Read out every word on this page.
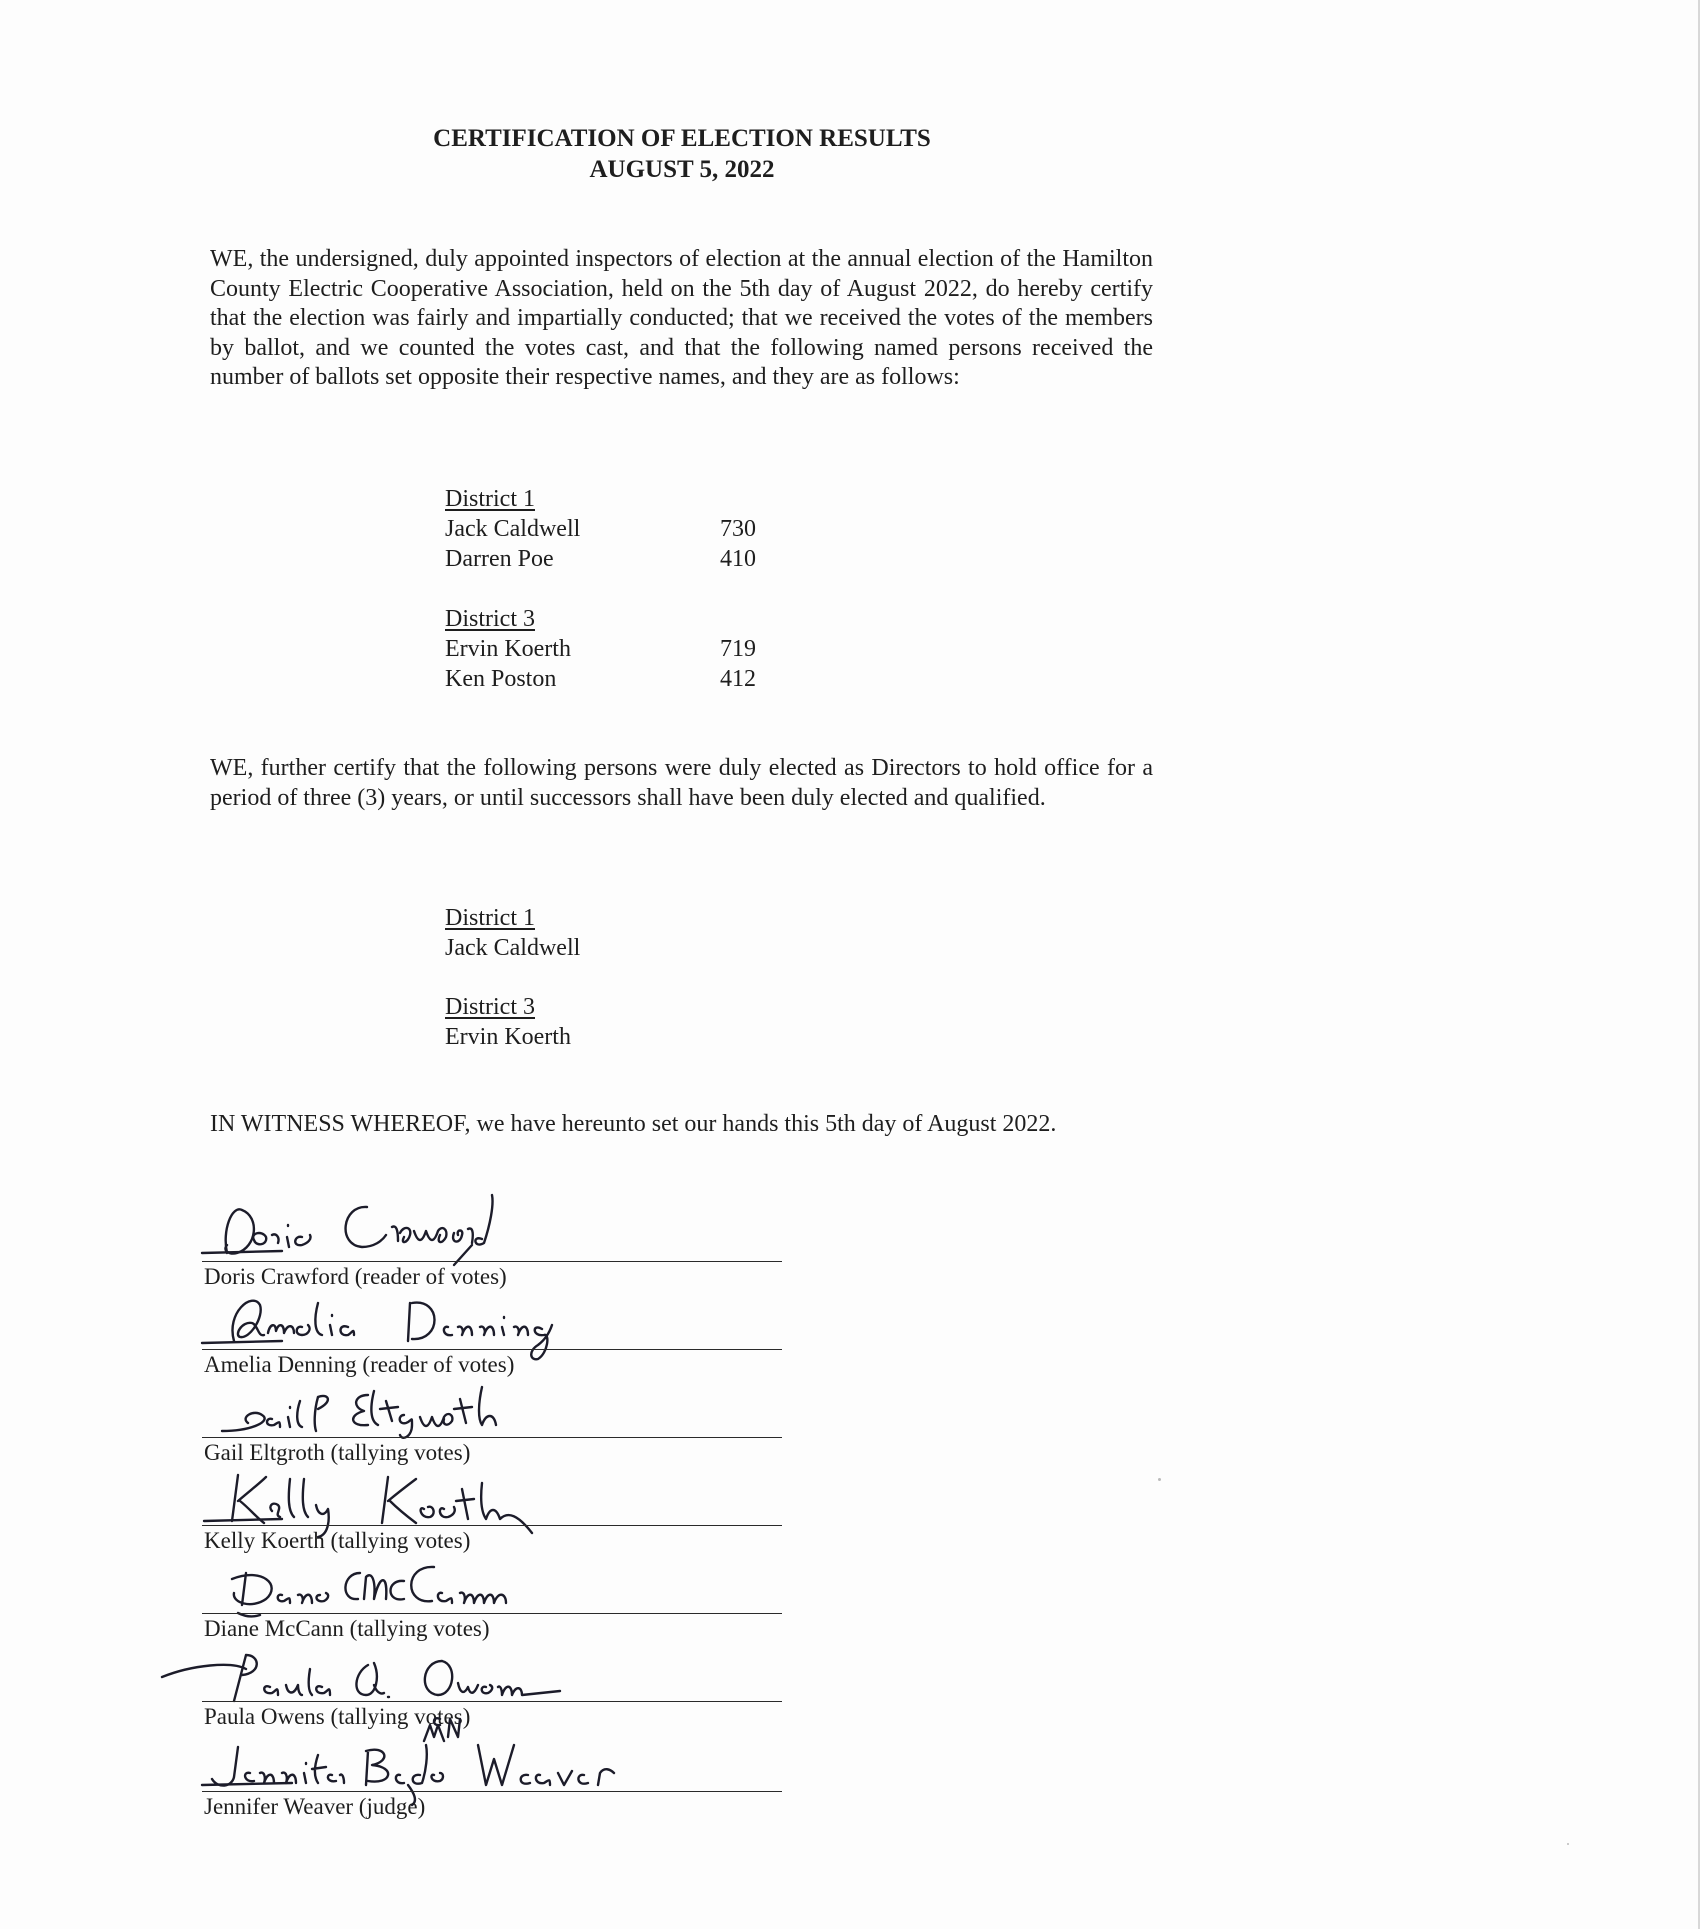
CERTIFICATION OF ELECTION RESULTS
AUGUST 5, 2022
WE, the undersigned, duly appointed inspectors of election at the annual election of the Hamilton County Electric Cooperative Association, held on the 5th day of August 2022, do hereby certify that the election was fairly and impartially conducted; that we received the votes of the members by ballot, and we counted the votes cast, and that the following named persons received the number of ballots set opposite their respective names, and they are as follows:
District 1
Jack Caldwell	730
Darren Poe	410
District 3
Ervin Koerth	719
Ken Poston	412
WE, further certify that the following persons were duly elected as Directors to hold office for a period of three (3) years, or until successors shall have been duly elected and qualified.
District 1
Jack Caldwell
District 3
Ervin Koerth
IN WITNESS WHEREOF, we have hereunto set our hands this 5th day of August 2022.
Doris Crawford (reader of votes)
Amelia Denning (reader of votes)
Gail Eltgroth (tallying votes)
Kelly Koerth (tallying votes)
Diane McCann (tallying votes)
Paula Owens (tallying votes)
Jennifer Weaver (judge)
